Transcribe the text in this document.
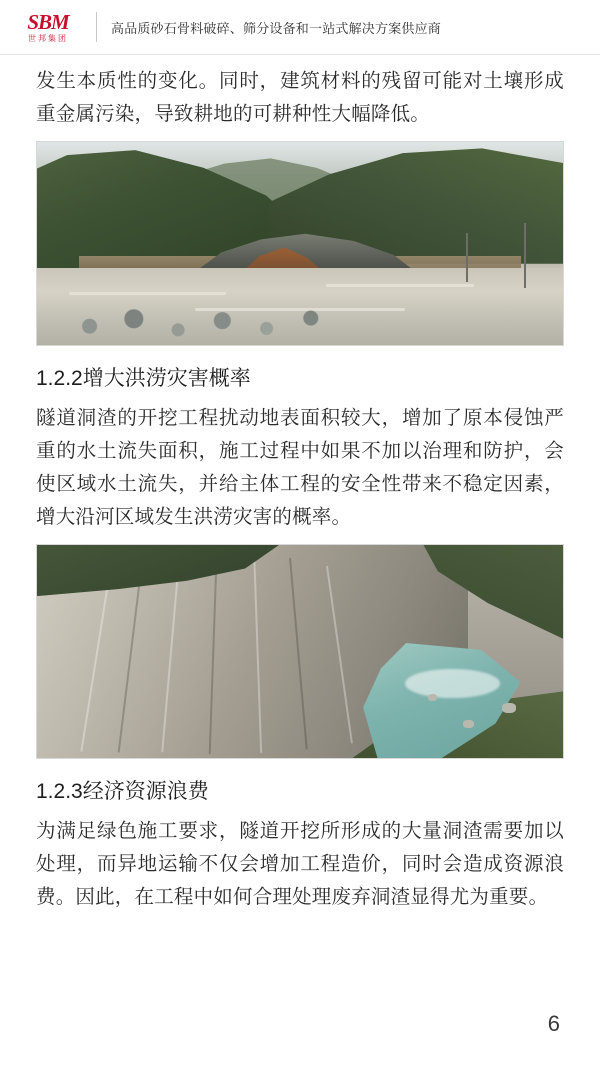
SBM
世邦集团
高品质砂石骨料破碎、筛分设备和一站式解决方案供应商

发生本质性的变化。同时，建筑材料的残留可能对土壤形成重金属污染，导致耕地的可耕种性大幅降低。

1.2.2增大洪涝灾害概率

隧道洞渣的开挖工程扰动地表面积较大，增加了原本侵蚀严重的水土流失面积，施工过程中如果不加以治理和防护，会使区域水土流失，并给主体工程的安全性带来不稳定因素，增大沿河区域发生洪涝灾害的概率。

1.2.3经济资源浪费

为满足绿色施工要求，隧道开挖所形成的大量洞渣需要加以处理，而异地运输不仅会增加工程造价，同时会造成资源浪费。因此，在工程中如何合理处理废弃洞渣显得尤为重要。

6
